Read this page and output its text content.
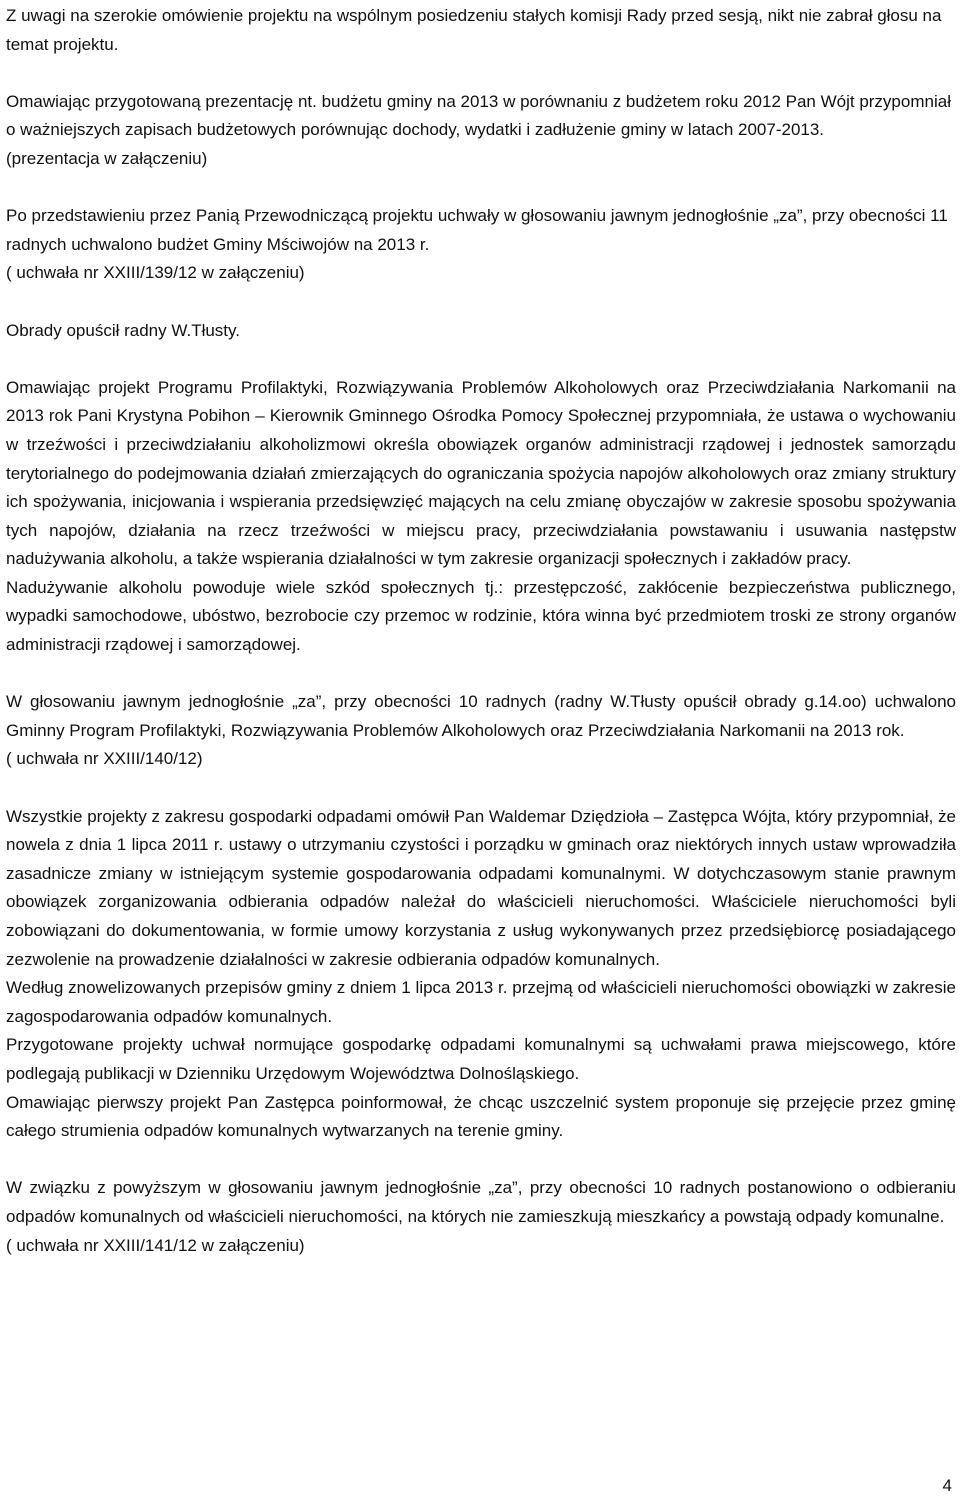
Z uwagi na szerokie omówienie projektu na wspólnym posiedzeniu stałych komisji Rady przed sesją, nikt nie zabrał głosu na temat projektu.

Omawiając przygotowaną prezentację nt. budżetu gminy na 2013 w porównaniu z budżetem roku 2012 Pan Wójt przypomniał o ważniejszych zapisach budżetowych porównując dochody, wydatki i zadłużenie gminy w latach 2007-2013.

(prezentacja w załączeniu)

Po przedstawieniu przez Panią Przewodniczącą projektu uchwały w głosowaniu jawnym jednogłośnie „za”, przy obecności 11 radnych uchwalono budżet Gminy Mściwojów na 2013 r.

( uchwała nr XXIII/139/12 w załączeniu)

Obrady opuścił radny W.Tłusty.

Omawiając projekt Programu Profilaktyki, Rozwiązywania Problemów Alkoholowych oraz Przeciwdziałania Narkomanii na 2013 rok Pani Krystyna Pobihon – Kierownik Gminnego Ośrodka Pomocy Społecznej przypomniała, że ustawa o wychowaniu w trzeźwości i przeciwdziałaniu alkoholizmowi określa obowiązek organów administracji rządowej i jednostek samorządu terytorialnego do podejmowania działań zmierzających do ograniczania spożycia napojów alkoholowych oraz zmiany struktury ich spożywania, inicjowania i wspierania przedsięwzięć mających na celu zmianę obyczajów w zakresie sposobu spożywania tych napojów, działania na rzecz trzeźwości w miejscu pracy, przeciwdziałania powstawaniu i usuwania następstw nadużywania alkoholu, a także wspierania działalności w tym zakresie organizacji społecznych i zakładów pracy.

Nadużywanie alkoholu powoduje wiele szkód społecznych tj.: przestępczość, zakłócenie bezpieczeństwa publicznego, wypadki samochodowe, ubóstwo, bezrobocie czy przemoc w rodzinie, która winna być przedmiotem troski ze strony organów administracji rządowej i samorządowej.

W głosowaniu jawnym jednogłośnie „za”, przy obecności 10 radnych (radny W.Tłusty opuścił obrady g.14.oo) uchwalono Gminny Program Profilaktyki, Rozwiązywania Problemów Alkoholowych oraz Przeciwdziałania Narkomanii na 2013 rok.

( uchwała nr XXIII/140/12)

Wszystkie projekty z zakresu gospodarki odpadami omówił Pan Waldemar Dziędzioła – Zastępca Wójta, który przypomniał, że nowela z dnia 1 lipca 2011 r. ustawy o utrzymaniu czystości i porządku w gminach oraz niektórych innych ustaw wprowadziła zasadnicze zmiany w istniejącym systemie gospodarowania odpadami komunalnymi. W dotychczasowym stanie prawnym obowiązek zorganizowania odbierania odpadów należał do właścicieli nieruchomości. Właściciele nieruchomości byli zobowiązani do dokumentowania, w formie umowy korzystania z usług wykonywanych przez przedsiębiorcę posiadającego zezwolenie na prowadzenie działalności w zakresie odbierania odpadów komunalnych.

Według znowelizowanych przepisów gminy z dniem 1 lipca 2013 r. przejmą od właścicieli nieruchomości obowiązki w zakresie zagospodarowania odpadów komunalnych.

Przygotowane projekty uchwał normujące gospodarkę odpadami komunalnymi są uchwałami prawa miejscowego, które podlegają publikacji w Dzienniku Urzędowym Województwa Dolnośląskiego.

Omawiając pierwszy projekt Pan Zastępca poinformował, że chcąc uszczelnić system proponuje się przejęcie przez gminę całego strumienia odpadów komunalnych wytwarzanych na terenie gminy.

W związku z powyższym w głosowaniu jawnym jednogłośnie „za”, przy obecności 10 radnych postanowiono o odbieraniu odpadów komunalnych od właścicieli nieruchomości, na których nie zamieszkują mieszkańcy a powstają odpady komunalne.

( uchwała nr XXIII/141/12 w załączeniu)

4
